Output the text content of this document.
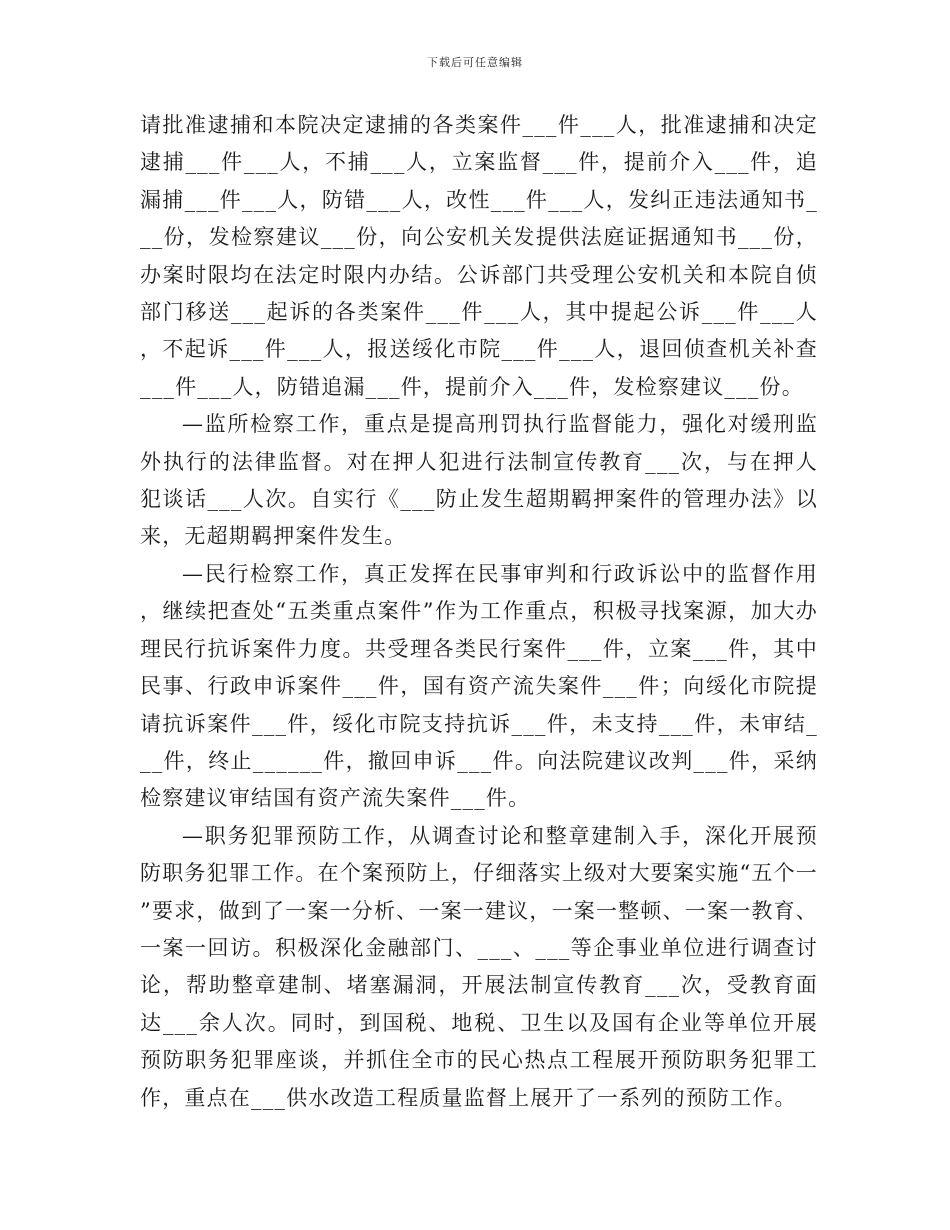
下载后可任意编辑

请批准逮捕和本院决定逮捕的各类案件___件___人，批准逮捕和决定逮捕___件___人，不捕___人，立案监督___件，提前介入___件，追漏捕___件___人，防错___人，改性___件___人，发纠正违法通知书___份，发检察建议___份，向公安机关发提供法庭证据通知书___份，办案时限均在法定时限内办结。公诉部门共受理公安机关和本院自侦部门移送___起诉的各类案件___件___人，其中提起公诉___件___人，不起诉___件___人，报送绥化市院___件___人，退回侦查机关补查___件___人，防错追漏___件，提前介入___件，发检察建议___份。

—监所检察工作，重点是提高刑罚执行监督能力，强化对缓刑监外执行的法律监督。对在押人犯进行法制宣传教育___次，与在押人犯谈话___人次。自实行《___防止发生超期羁押案件的管理办法》以来，无超期羁押案件发生。

—民行检察工作，真正发挥在民事审判和行政诉讼中的监督作用，继续把查处“五类重点案件”作为工作重点，积极寻找案源，加大办理民行抗诉案件力度。共受理各类民行案件___件，立案___件，其中民事、行政申诉案件___件，国有资产流失案件___件；向绥化市院提请抗诉案件___件，绥化市院支持抗诉___件，未支持___件，未审结___件，终止______件，撤回申诉___件。向法院建议改判___件，采纳检察建议审结国有资产流失案件___件。

—职务犯罪预防工作，从调查讨论和整章建制入手，深化开展预防职务犯罪工作。在个案预防上，仔细落实上级对大要案实施“五个一”要求，做到了一案一分析、一案一建议，一案一整顿、一案一教育、一案一回访。积极深化金融部门、___、___等企事业单位进行调查讨论，帮助整章建制、堵塞漏洞，开展法制宣传教育___次，受教育面达___余人次。同时，到国税、地税、卫生以及国有企业等单位开展预防职务犯罪座谈，并抓住全市的民心热点工程展开预防职务犯罪工作，重点在___供水改造工程质量监督上展开了一系列的预防工作。
